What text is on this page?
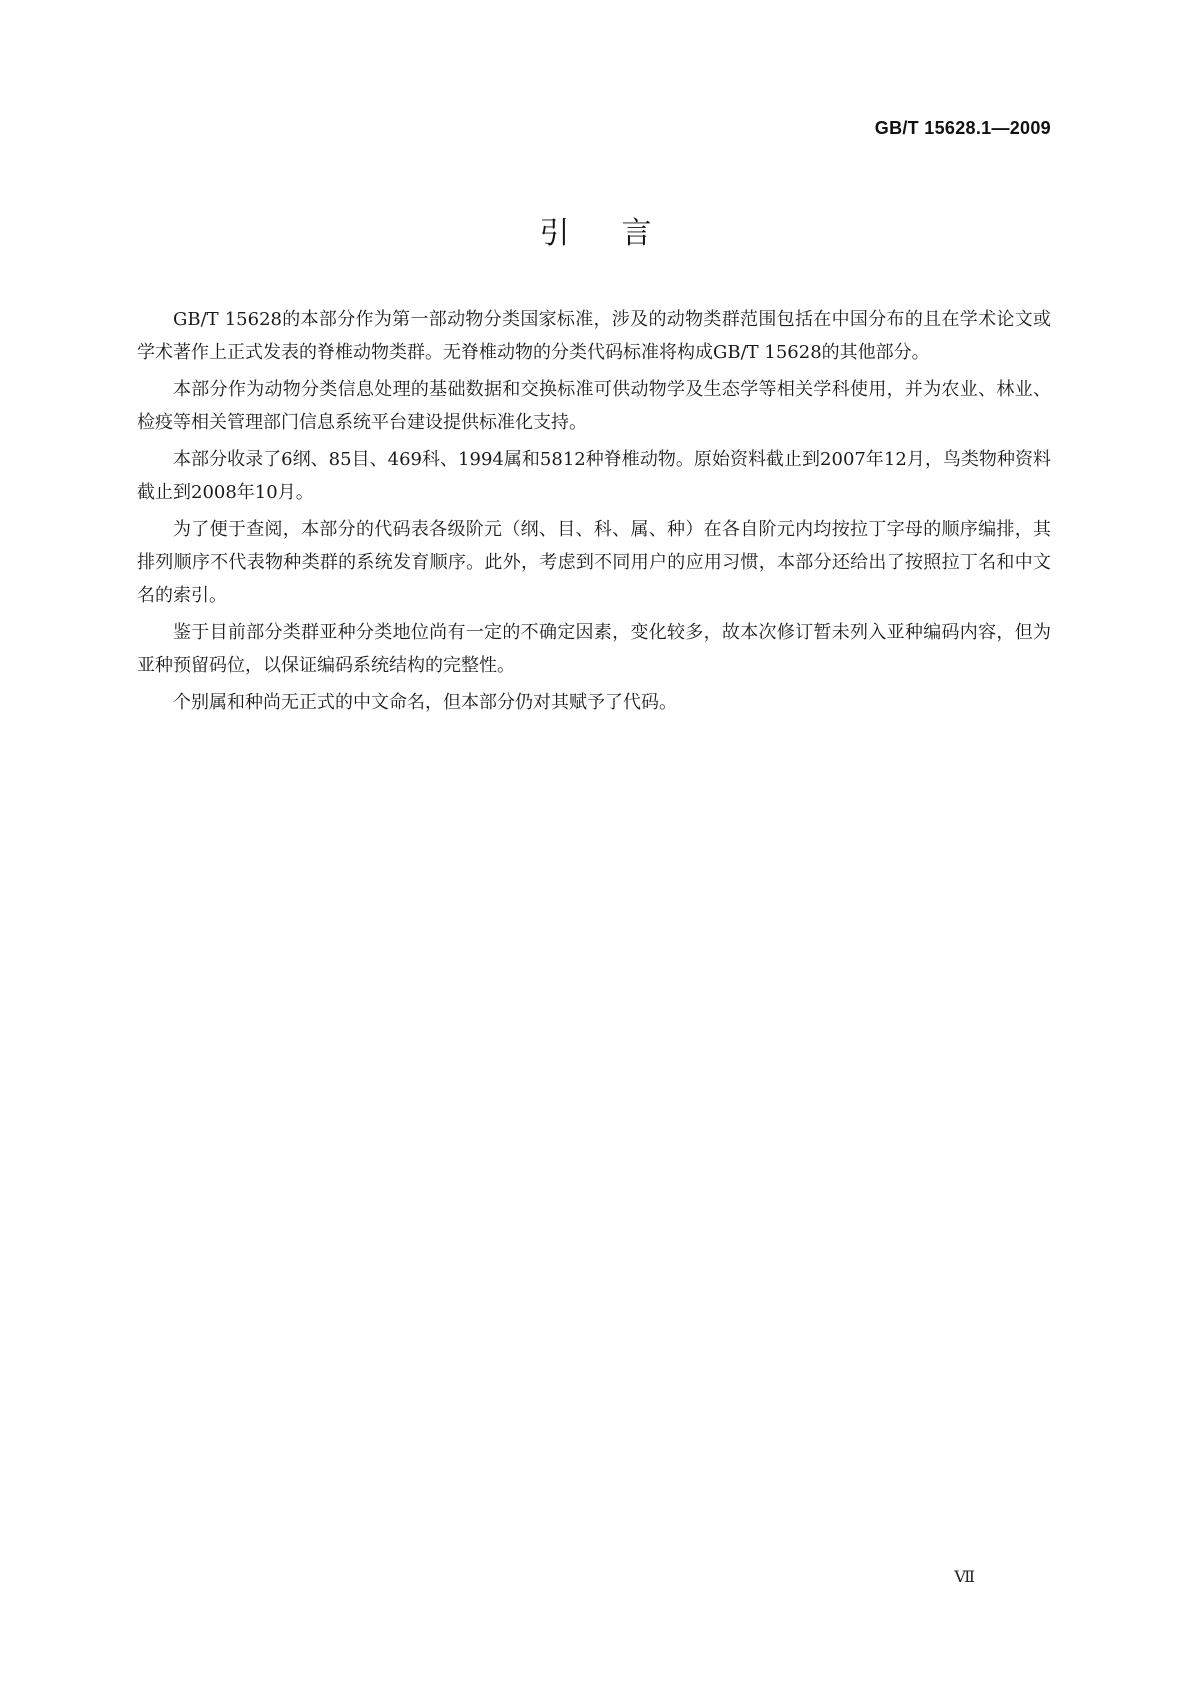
GB/T 15628.1—2009
引言

GB/T 15628的本部分作为第一部动物分类国家标准，涉及的动物类群范围包括在中国分布的且在学术论文或学术著作上正式发表的脊椎动物类群。无脊椎动物的分类代码标准将构成GB/T 15628的其他部分。

本部分作为动物分类信息处理的基础数据和交换标准可供动物学及生态学等相关学科使用，并为农业、林业、检疫等相关管理部门信息系统平台建设提供标准化支持。

本部分收录了6纲、85目、469科、1994属和5812种脊椎动物。原始资料截止到2007年12月，鸟类物种资料截止到2008年10月。

为了便于查阅，本部分的代码表各级阶元（纲、目、科、属、种）在各自阶元内均按拉丁字母的顺序编排，其排列顺序不代表物种类群的系统发育顺序。此外，考虑到不同用户的应用习惯，本部分还给出了按照拉丁名和中文名的索引。

鉴于目前部分类群亚种分类地位尚有一定的不确定因素，变化较多，故本次修订暂未列入亚种编码内容，但为亚种预留码位，以保证编码系统结构的完整性。

个别属和种尚无正式的中文命名，但本部分仍对其赋予了代码。

Ⅶ
